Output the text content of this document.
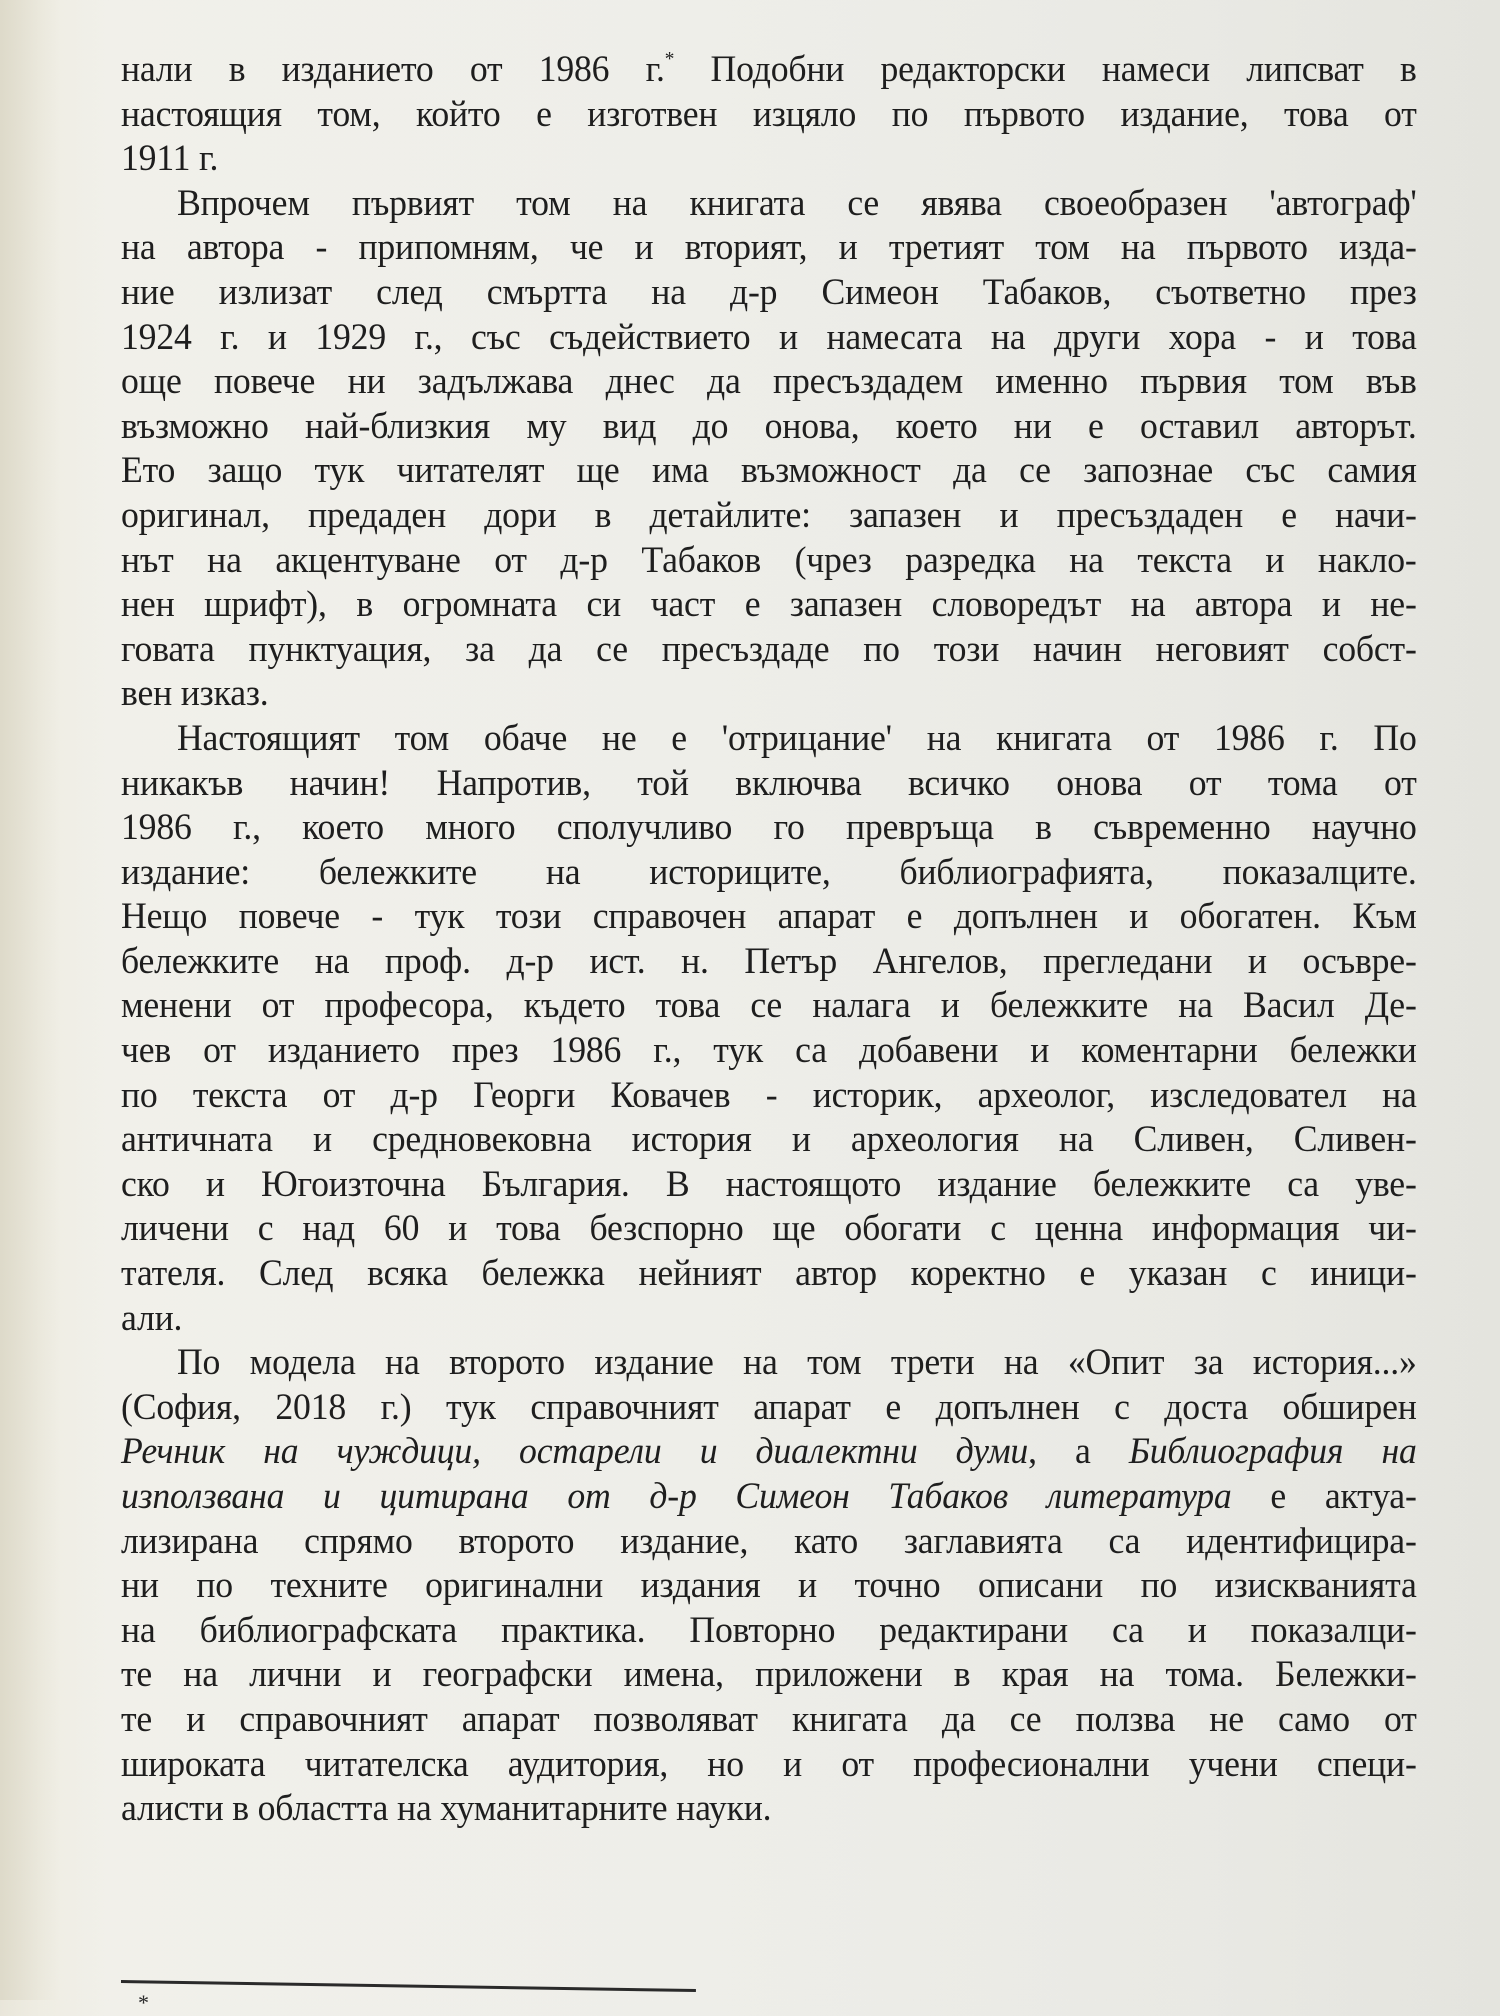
нали в изданието от 1986 г.* Подобни редакторски намеси липсват в
настоящия том, който е изготвен изцяло по първото издание, това от
1911 г.
Впрочем първият том на книгата се явява своеобразен 'автограф'
на автора - припомням, че и вторият, и третият том на първото изда-
ние излизат след смъртта на д-р Симеон Табаков, съответно през
1924 г. и 1929 г., със съдействието и намесата на други хора - и това
още повече ни задължава днес да пресъздадем именно първия том във
възможно най-близкия му вид до онова, което ни е оставил авторът.
Ето защо тук читателят ще има възможност да се запознае със самия
оригинал, предаден дори в детайлите: запазен и пресъздаден е начи-
нът на акцентуване от д-р Табаков (чрез разредка на текста и накло-
нен шрифт), в огромната си част е запазен словоредът на автора и не-
говата пунктуация, за да се пресъздаде по този начин неговият собст-
вен изказ.
Настоящият том обаче не е 'отрицание' на книгата от 1986 г. По
никакъв начин! Напротив, той включва всичко онова от тома от
1986 г., което много сполучливо го превръща в съвременно научно
издание: бележките на историците, библиографията, показалците.
Нещо повече - тук този справочен апарат е допълнен и обогатен. Към
бележките на проф. д-р ист. н. Петър Ангелов, прегледани и осъвре-
менени от професора, където това се налага и бележките на Васил Де-
чев от изданието през 1986 г., тук са добавени и коментарни бележки
по текста от д-р Георги Ковачев - историк, археолог, изследовател на
античната и средновековна история и археология на Сливен, Сливен-
ско и Югоизточна България. В настоящото издание бележките са уве-
личени с над 60 и това безспорно ще обогати с ценна информация чи-
тателя. След всяка бележка нейният автор коректно е указан с иници-
али.
По модела на второто издание на том трети на «Опит за история...»
(София, 2018 г.) тук справочният апарат е допълнен с доста обширен
Речник на чуждици, остарели и диалектни думи, а Библиография на
използвана и цитирана от д-р Симеон Табаков литература е актуа-
лизирана спрямо второто издание, като заглавията са идентифицира-
ни по техните оригинални издания и точно описани по изискванията
на библиографската практика. Повторно редактирани са и показалци-
те на лични и географски имена, приложени в края на тома. Бележки-
те и справочният апарат позволяват книгата да се ползва не само от
широката читателска аудитория, но и от професионални учени специ-
алисти в областта на хуманитарните науки.
*
